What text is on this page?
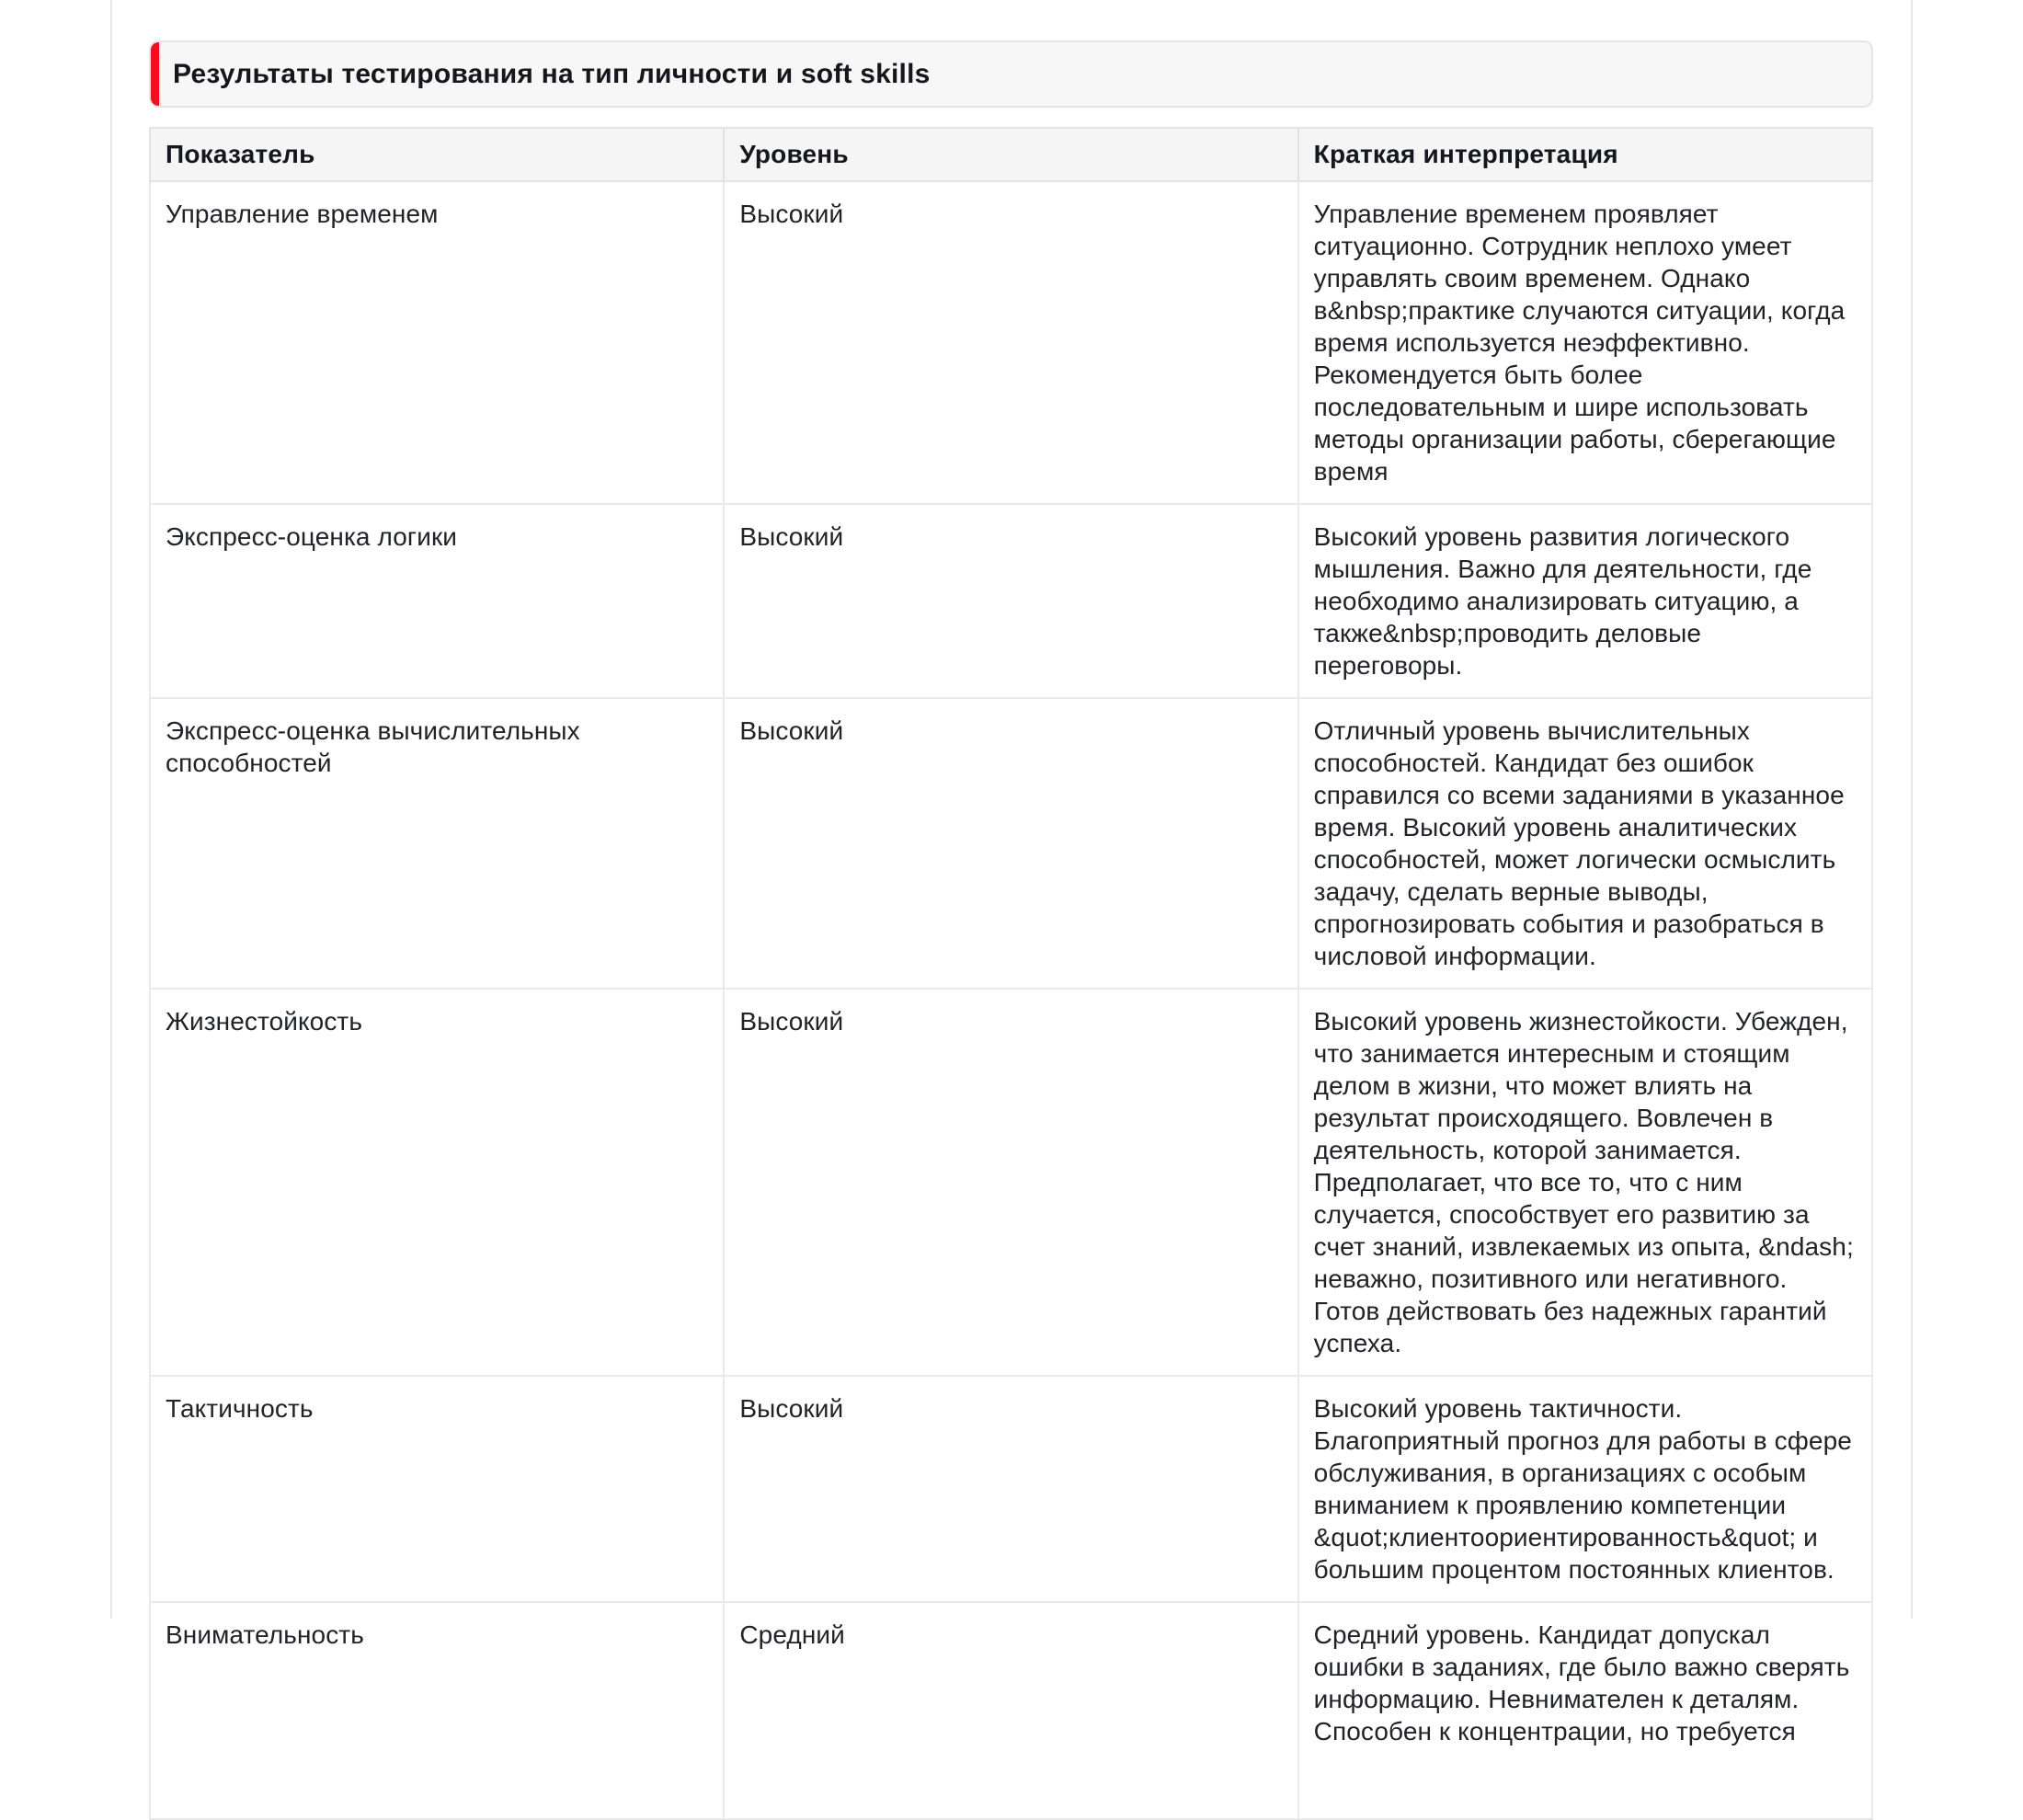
Результаты тестирования на тип личности и soft skills
Показатель	Уровень	Краткая интерпретация
Управление временем	Высокий	Управление временем проявляет ситуационно. Сотрудник неплохо умеет управлять своим временем. Однако в&nbsp;практике случаются ситуации, когда время используется неэффективно. Рекомендуется быть более последовательным и шире использовать методы организации работы, сберегающие время
Экспресс-оценка логики	Высокий	Высокий уровень развития логического мышления. Важно для деятельности, где необходимо анализировать ситуацию, а также&nbsp;проводить деловые переговоры.
Экспресс-оценка вычислительных способностей	Высокий	Отличный уровень вычислительных способностей. Кандидат без ошибок справился со всеми заданиями в указанное время. Высокий уровень аналитических способностей, может логически осмыслить задачу, сделать верные выводы, спрогнозировать события и разобраться в числовой информации.
Жизнестойкость	Высокий	Высокий уровень жизнестойкости. Убежден, что занимается интересным и стоящим делом в жизни, что может влиять на результат происходящего. Вовлечен в деятельность, которой занимается. Предполагает, что все то, что с ним случается, способствует его развитию за счет знаний, извлекаемых из опыта, &ndash; неважно, позитивного или негативного. Готов действовать без надежных гарантий успеха.
Тактичность	Высокий	Высокий уровень тактичности. Благоприятный прогноз для работы в сфере обслуживания, в организациях с особым вниманием к проявлению компетенции &quot;клиентоориентированность&quot; и большим процентом постоянных клиентов.
Внимательность	Средний	Средний уровень. Кандидат допускал ошибки в заданиях, где было важно сверять информацию. Невнимателен к деталям. Способен к концентрации, но требуется
